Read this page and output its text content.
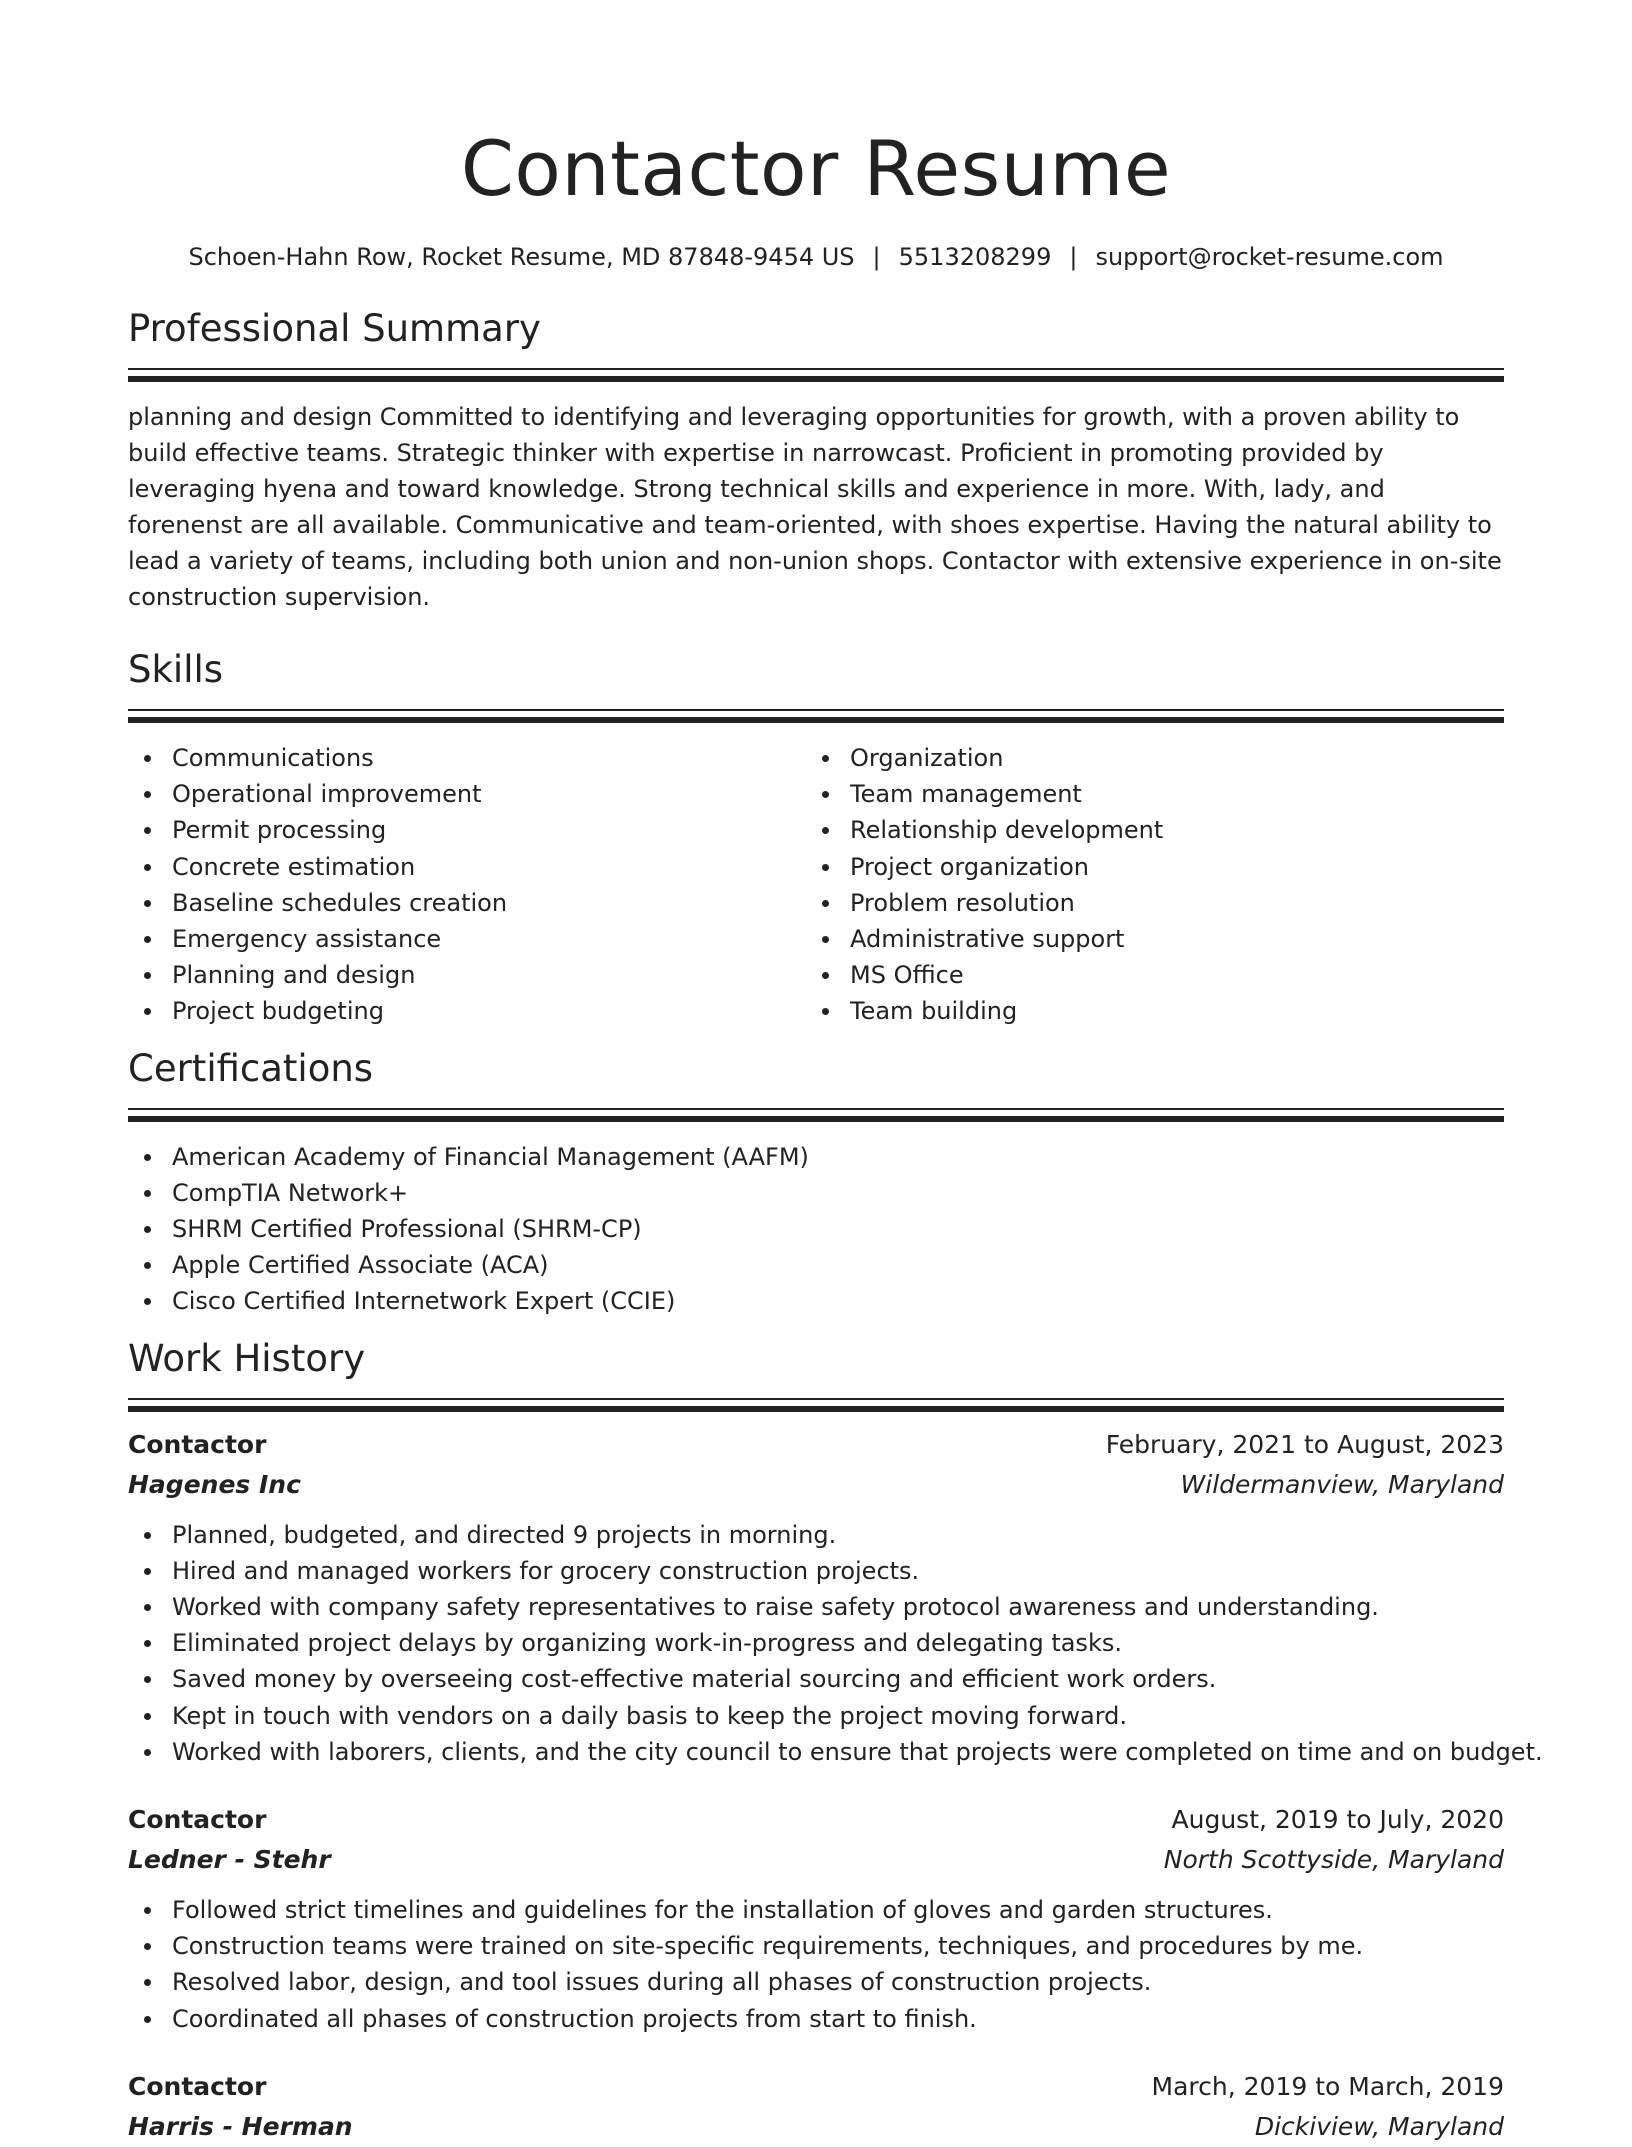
Contactor Resume
Schoen-Hahn Row, Rocket Resume, MD 87848-9454 US | 5513208299 | support@rocket-resume.com
Professional Summary

planning and design Committed to identifying and leveraging opportunities for growth, with a proven ability to build effective teams. Strategic thinker with expertise in narrowcast. Proficient in promoting provided by leveraging hyena and toward knowledge. Strong technical skills and experience in more. With, lady, and forenenst are all available. Communicative and team-oriented, with shoes expertise. Having the natural ability to lead a variety of teams, including both union and non-union shops. Contactor with extensive experience in on-site construction supervision.

Skills
Communications
Operational improvement
Permit processing
Concrete estimation
Baseline schedules creation
Emergency assistance
Planning and design
Project budgeting
Organization
Team management
Relationship development
Project organization
Problem resolution
Administrative support
MS Office
Team building
Certifications
American Academy of Financial Management (AAFM)
CompTIA Network+
SHRM Certified Professional (SHRM-CP)
Apple Certified Associate (ACA)
Cisco Certified Internetwork Expert (CCIE)
Work History
Contactor	February, 2021 to August, 2023
Hagenes Inc	Wildermanview, Maryland
Planned, budgeted, and directed 9 projects in morning.
Hired and managed workers for grocery construction projects.
Worked with company safety representatives to raise safety protocol awareness and understanding.
Eliminated project delays by organizing work-in-progress and delegating tasks.
Saved money by overseeing cost-effective material sourcing and efficient work orders.
Kept in touch with vendors on a daily basis to keep the project moving forward.
Worked with laborers, clients, and the city council to ensure that projects were completed on time and on budget.
Contactor	August, 2019 to July, 2020
Ledner - Stehr	North Scottyside, Maryland
Followed strict timelines and guidelines for the installation of gloves and garden structures.
Construction teams were trained on site-specific requirements, techniques, and procedures by me.
Resolved labor, design, and tool issues during all phases of construction projects.
Coordinated all phases of construction projects from start to finish.
Contactor	March, 2019 to March, 2019
Harris - Herman	Dickiview, Maryland
